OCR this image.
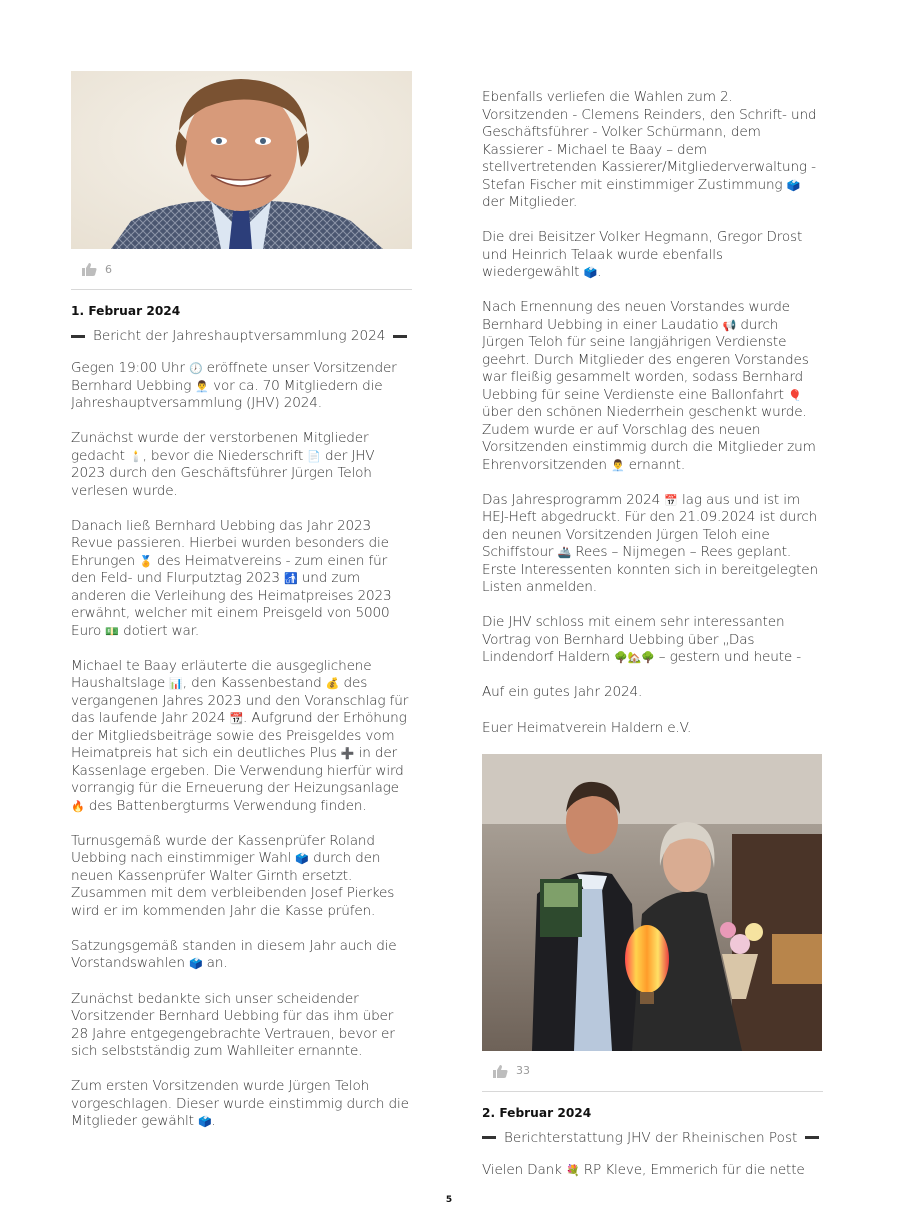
6
1. Februar 2024
Bericht der Jahreshauptversammlung 2024

Gegen 19:00 Uhr 🕖 eröffnete unser Vorsitzender Bernhard Uebbing 👨‍💼 vor ca. 70 Mitgliedern die Jahreshauptversammlung (JHV) 2024.

Zunächst wurde der verstorbenen Mitglieder gedacht 🕯️, bevor die Niederschrift 📄 der JHV 2023 durch den Geschäftsführer Jürgen Teloh verlesen wurde.

Danach ließ Bernhard Uebbing das Jahr 2023 Revue passieren. Hierbei wurden besonders die Ehrungen 🏅 des Heimatvereins - zum einen für den Feld- und Flurputztag 2023 🚮 und zum anderen die Verleihung des Heimatpreises 2023 erwähnt, welcher mit einem Preisgeld von 5000 Euro 💵 dotiert war.

Michael te Baay erläuterte die ausgeglichene Haushaltslage 📊, den Kassenbestand 💰 des vergangenen Jahres 2023 und den Voranschlag für das laufende Jahr 2024 📆. Aufgrund der Erhöhung der Mitgliedsbeiträge sowie des Preisgeldes vom Heimatpreis hat sich ein deutliches Plus ➕ in der Kassenlage ergeben. Die Verwendung hierfür wird vorrangig für die Erneuerung der Heizungsanlage 🔥 des Battenbergturms Verwendung finden.

Turnusgemäß wurde der Kassenprüfer Roland Uebbing nach einstimmiger Wahl 🗳️ durch den neuen Kassenprüfer Walter Girnth ersetzt. Zusammen mit dem verbleibenden Josef Pierkes wird er im kommenden Jahr die Kasse prüfen.

Satzungsgemäß standen in diesem Jahr auch die Vorstandswahlen 🗳️ an.

Zunächst bedankte sich unser scheidender Vorsitzender Bernhard Uebbing für das ihm über 28 Jahre entgegengebrachte Vertrauen, bevor er sich selbstständig zum Wahlleiter ernannte.

Zum ersten Vorsitzenden wurde Jürgen Teloh vorgeschlagen. Dieser wurde einstimmig durch die Mitglieder gewählt 🗳️.

Ebenfalls verliefen die Wahlen zum 2. Vorsitzenden - Clemens Reinders, den Schrift- und Geschäftsführer - Volker Schürmann, dem Kassierer - Michael te Baay – dem stellvertretenden Kassierer/Mitgliederverwaltung - Stefan Fischer mit einstimmiger Zustimmung 🗳️ der Mitglieder.

Die drei Beisitzer Volker Hegmann, Gregor Drost und Heinrich Telaak wurde ebenfalls wiedergewählt 🗳️.

Nach Ernennung des neuen Vorstandes wurde Bernhard Uebbing in einer Laudatio 📢 durch Jürgen Teloh für seine langjährigen Verdienste geehrt. Durch Mitglieder des engeren Vorstandes war fleißig gesammelt worden, sodass Bernhard Uebbing für seine Verdienste eine Ballonfahrt 🎈 über den schönen Niederrhein geschenkt wurde. Zudem wurde er auf Vorschlag des neuen Vorsitzenden einstimmig durch die Mitglieder zum Ehrenvorsitzenden 👨‍💼 ernannt.

Das Jahresprogramm 2024 📅 lag aus und ist im HEJ-Heft abgedruckt. Für den 21.09.2024 ist durch den neunen Vorsitzenden Jürgen Teloh eine Schiffstour 🚢 Rees – Nijmegen – Rees geplant. Erste Interessenten konnten sich in bereitgelegten Listen anmelden.

Die JHV schloss mit einem sehr interessanten Vortrag von Bernhard Uebbing über „Das Lindendorf Haldern 🌳🏡🌳 – gestern und heute -

Auf ein gutes Jahr 2024.

Euer Heimatverein Haldern e.V.

33
2. Februar 2024
Berichterstattung JHV der Rheinischen Post

Vielen Dank 💐 RP Kleve, Emmerich für die nette

5
